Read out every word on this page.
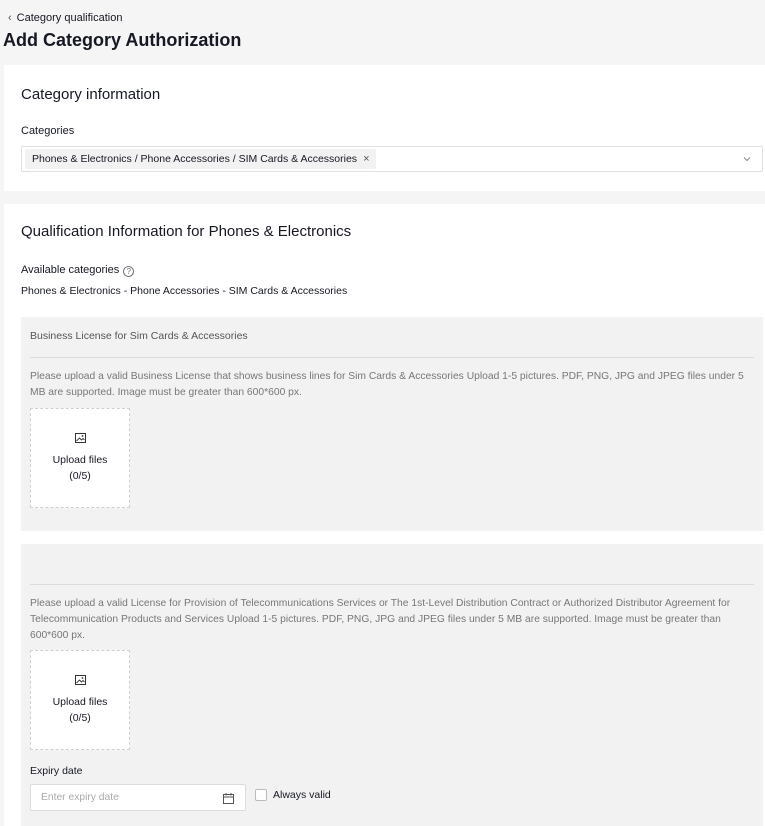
‹ Category qualification
Add Category Authorization
Category information
Categories
Phones & Electronics / Phone Accessories / SIM Cards & Accessories ×
Qualification Information for Phones & Electronics
Available categories ?
Phones & Electronics - Phone Accessories - SIM Cards & Accessories
Business License for Sim Cards & Accessories
Please upload a valid Business License that shows business lines for Sim Cards & Accessories Upload 1-5 pictures. PDF, PNG, JPG and JPEG files under 5 MB are supported. Image must be greater than 600*600 px.
Upload files
(0/5)
Please upload a valid License for Provision of Telecommunications Services or The 1st-Level Distribution Contract or Authorized Distributor Agreement for Telecommunication Products and Services Upload 1-5 pictures. PDF, PNG, JPG and JPEG files under 5 MB are supported. Image must be greater than 600*600 px.
Upload files
(0/5)
Expiry date
Enter expiry date	Always valid
